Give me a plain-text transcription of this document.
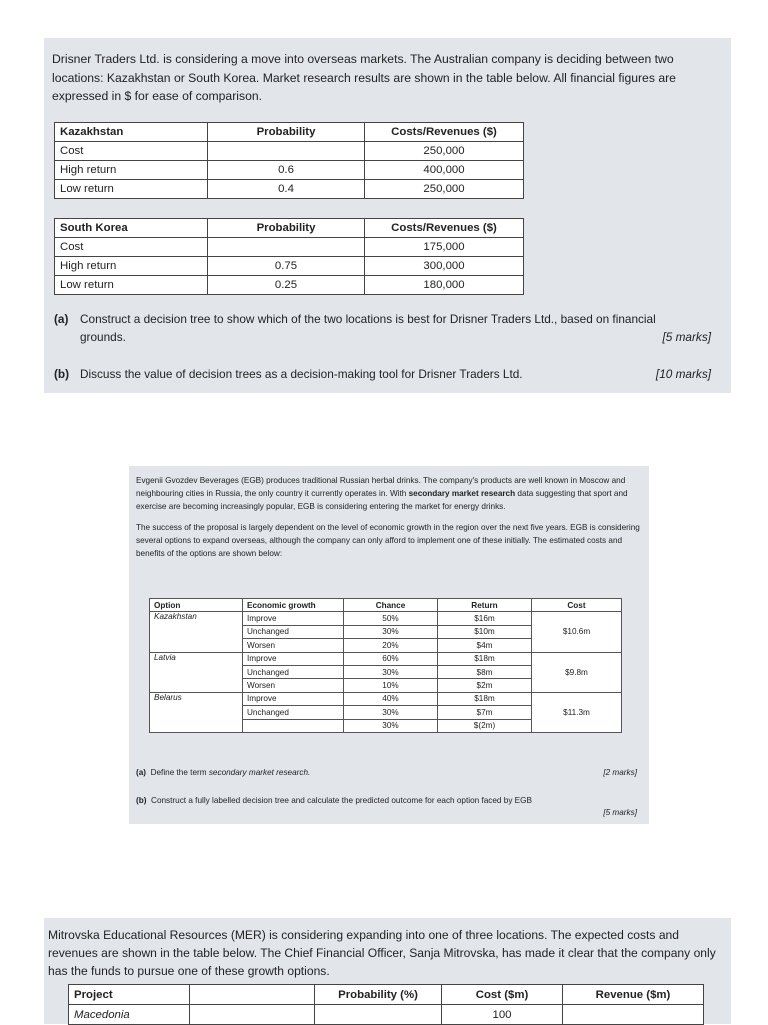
Drisner Traders Ltd. is considering a move into overseas markets. The Australian company is deciding between two locations: Kazakhstan or South Korea. Market research results are shown in the table below. All financial figures are expressed in $ for ease of comparison.

Kazakhstan	Probability	Costs/Revenues ($)
Cost		250,000
High return	0.6	400,000
Low return	0.4	250,000
South Korea	Probability	Costs/Revenues ($)
Cost		175,000
High return	0.75	300,000
Low return	0.25	180,000
(a) Construct a decision tree to show which of the two locations is best for Drisner Traders Ltd., based on financial
grounds.	[5 marks]
(b) Discuss the value of decision trees as a decision-making tool for Drisner Traders Ltd.	[10 marks]

Evgenii Gvozdev Beverages (EGB) produces traditional Russian herbal drinks. The company's products are well known in Moscow and neighbouring cities in Russia, the only country it currently operates in. With secondary market research data suggesting that sport and exercise are becoming increasingly popular, EGB is considering entering the market for energy drinks.

The success of the proposal is largely dependent on the level of economic growth in the region over the next five years. EGB is considering several options to expand overseas, although the company can only afford to implement one of these initially. The estimated costs and benefits of the options are shown below:

Option	Economic growth	Chance	Return	Cost
Kazakhstan	Improve	50%	$16m	$10.6m
	Unchanged	30%	$10m	
	Worsen	20%	$4m	
Latvia	Improve	60%	$18m	$9.8m
	Unchanged	30%	$8m	
	Worsen	10%	$2m	
Belarus	Improve	40%	$18m	$11.3m
	Unchanged	30%	$7m	
		30%	$(2m)	
(a) Define the term secondary market research.	[2 marks]
(b) Construct a fully labelled decision tree and calculate the predicted outcome for each option faced by EGB
[5 marks]

Mitrovska Educational Resources (MER) is considering expanding into one of three locations. The expected costs and revenues are shown in the table below. The Chief Financial Officer, Sanja Mitrovska, has made it clear that the company only has the funds to pursue one of these growth options.

Project		Probability (%)	Cost ($m)	Revenue ($m)
Macedonia			100	
